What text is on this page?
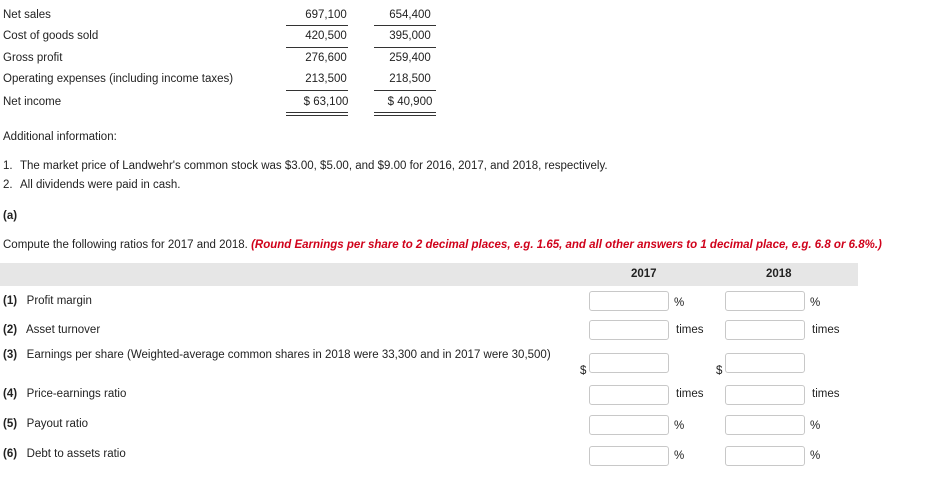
Net sales	697,100	654,400
Cost of goods sold	420,500	395,000
Gross profit	276,600	259,400
Operating expenses (including income taxes)	213,500	218,500
Net income	$ 63,100	$ 40,900
Additional information:
1. The market price of Landwehr's common stock was $3.00, $5.00, and $9.00 for 2016, 2017, and 2018, respectively.
2. All dividends were paid in cash.
(a)
Compute the following ratios for 2017 and 2018. (Round Earnings per share to 2 decimal places, e.g. 1.65, and all other answers to 1 decimal place, e.g. 6.8 or 6.8%.)
2017	2018
(1) Profit margin	%	%
(2) Asset turnover	times	times
(3) Earnings per share (Weighted-average common shares in 2018 were 33,300 and in 2017 were 30,500)
$	$
(4) Price-earnings ratio	times	times
(5) Payout ratio	%	%
(6) Debt to assets ratio	%	%
